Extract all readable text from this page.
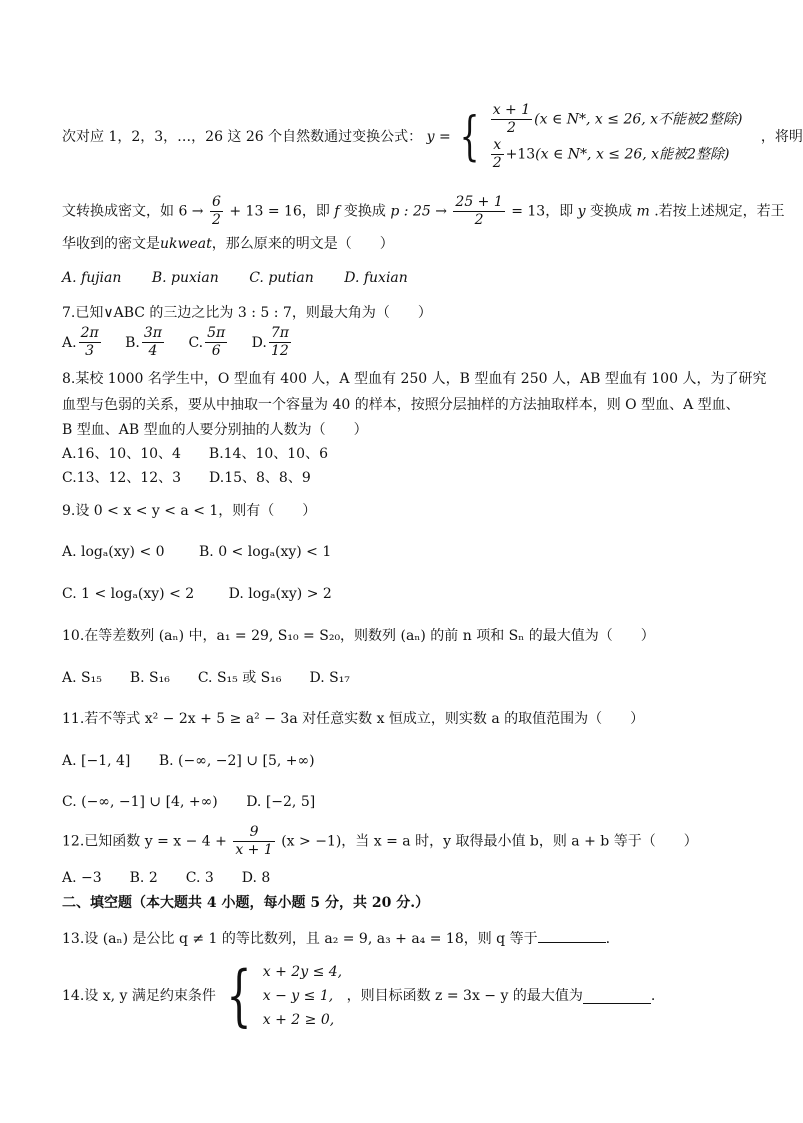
次对应 1，2，3，…，26 这 26 个自然数通过变换公式： y = { $\frac{x + 1}{2} (x$ ∈ N*, x ≤ 26, x不能被2整除)
$\frac{x}{2} +13(x$ ∈ N*, x ≤ 26, x能被2整除)
，将明
文转换成密文，如 $6 \to \frac{6}{2} + 13 = 16$，即 f 变换成 p : $25 \to \frac{25 + 1}{2} = 13$，即 y 变换成 m .若按上述规定，若王
华收到的密文是ukweat，那么原来的明文是（　　）
A. fujian B. puxian C. putian D. fuxian
7.已知∨ABC 的三边之比为 3 : 5 : 7，则最大角为（　　）
A. $\frac{2\pi}{3} B$. $\frac{3\pi}{4} C$. $\frac{5\pi}{6} D$. $\frac{7\pi}{12}$
8.某校 1000 名学生中，O 型血有 400 人，A 型血有 250 人，B 型血有 250 人，AB 型血有 100 人，为了研究
血型与色弱的关系，要从中抽取一个容量为 40 的样本，按照分层抽样的方法抽取样本，则 O 型血、A 型血、
B 型血、AB 型血的人要分别抽的人数为（　　）
A.16、10、10、4　　B.14、10、10、6
C.13、12、12、3　　D.15、8、8、9
9.设 0 < x < y < a < 1，则有（　　）
A. logₐ(xy) < 0 B. 0 < logₐ(xy) < 1
C. 1 < logₐ(xy) < 2 D. logₐ(xy) > 2
10.在等差数列 (aₙ) 中，a₁ = 29, S₁₀ = S₂₀，则数列 (aₙ) 的前 n 项和 Sₙ 的最大值为（　　）
A. S₁₅　　B. S₁₆　　C. S₁₅ 或 S₁₆　　D. S₁₇
11.若不等式 x² − 2x + 5 ≥ a² − 3a 对任意实数 x 恒成立，则实数 a 的取值范围为（　　）
A. [−1, 4] B. (−∞, −2] ∪ [5, +∞)
C. (−∞, −1] ∪ [4, +∞) D. [−2, 5]
12.已知函数 $y = x - 4 + \frac{9}{x + 1} (x > -1)$，当 x = a 时，y 取得最小值 b，则 a + b 等于（　　）
A. −3　　B. 2　　C. 3　　D. 8
二、填空题（本大题共 4 小题，每小题 5 分，共 20 分.）
13.设 (aₙ) 是公比 q ≠ 1 的等比数列，且 a₂ = 9, a₃ + a₄ = 18，则 q 等于	.
14.设 x, y 满足约束条件 { x + 2y ≤ 4,
x − y ≤ 1,
x + 2 ≥ 0,
，则目标函数 z = 3x − y 的最大值为	.
